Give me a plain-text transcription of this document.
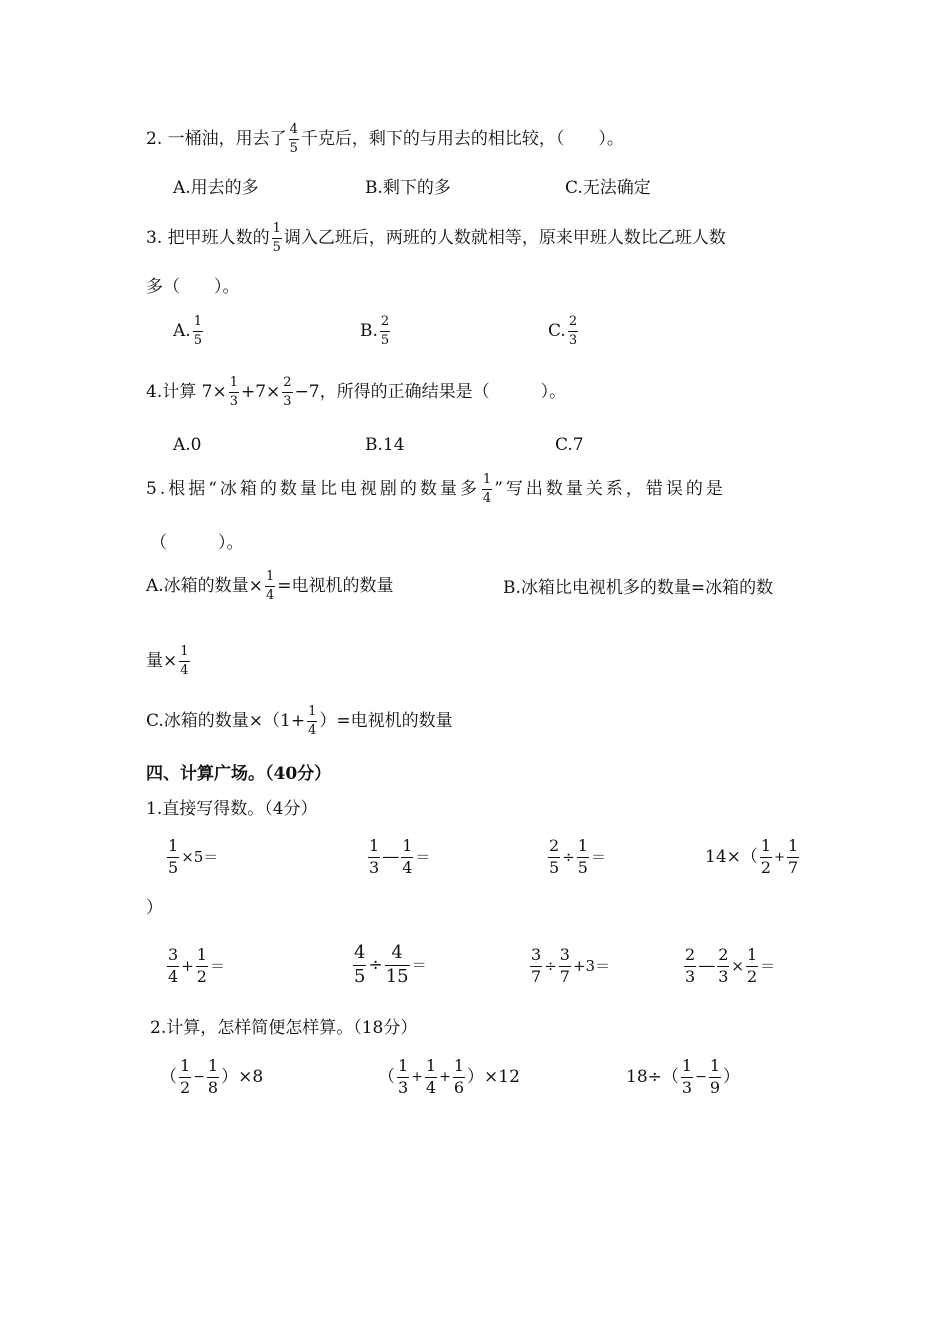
2. 一桶油，用去了 $\frac{4}{5}$ 千克后，剩下的与用去的相比较，（　　）。
A.用去的多	B.剩下的多	C.无法确定
3. 把甲班人数的 $\frac{1}{5}$ 调入乙班后，两班的人数就相等，原来甲班人数比乙班人数
多（　　）。
A. $\frac{1}{5}$	B. $\frac{2}{5}$	C. $\frac{2}{3}$
4.计算 $7\times \frac{1}{3} +7\times \frac{2}{3} -7$，所得的正确结果是（　　　）。
A.0	B.14	C.7
5.根据“冰箱的数量比电视剧的数量多 $\frac{1}{4}$ ”写出数量关系，错误的是
（　　　）。
A.冰箱的数量× $\frac{1}{4}$ =电视机的数量	B.冰箱比电视机多的数量=冰箱的数
量× $\frac{1}{4}$
C.冰箱的数量$\times(1+ \frac{1}{4}$ ）=电视机的数量
四、计算广场。（40分）
1.直接写得数。（4分）
$\frac{1}{5} \times 5=$	$\frac{1}{3}$ — $\frac{1}{4}$ ＝	$\frac{2}{5} \div \frac{1}{5}$ ＝	$14\times( \frac{1}{2} + \frac{1}{7}$
）
$\frac{3}{4} + \frac{1}{2}$ ＝	$\frac{4}{5} \div \frac{4}{15}$ ＝	$\frac{3}{7} \div \frac{3}{7} +3=$	$\frac{2}{3}$ — $\frac{2}{3} \times \frac{1}{2}$ ＝
2.计算，怎样简便怎样算。（18分）
（ $\frac{1}{2} - \frac{1}{8} )\times 8$	（ $\frac{1}{3} + \frac{1}{4} + \frac{1}{6} )\times 12$	$18\div( \frac{1}{3} - \frac{1}{9}$ ）
